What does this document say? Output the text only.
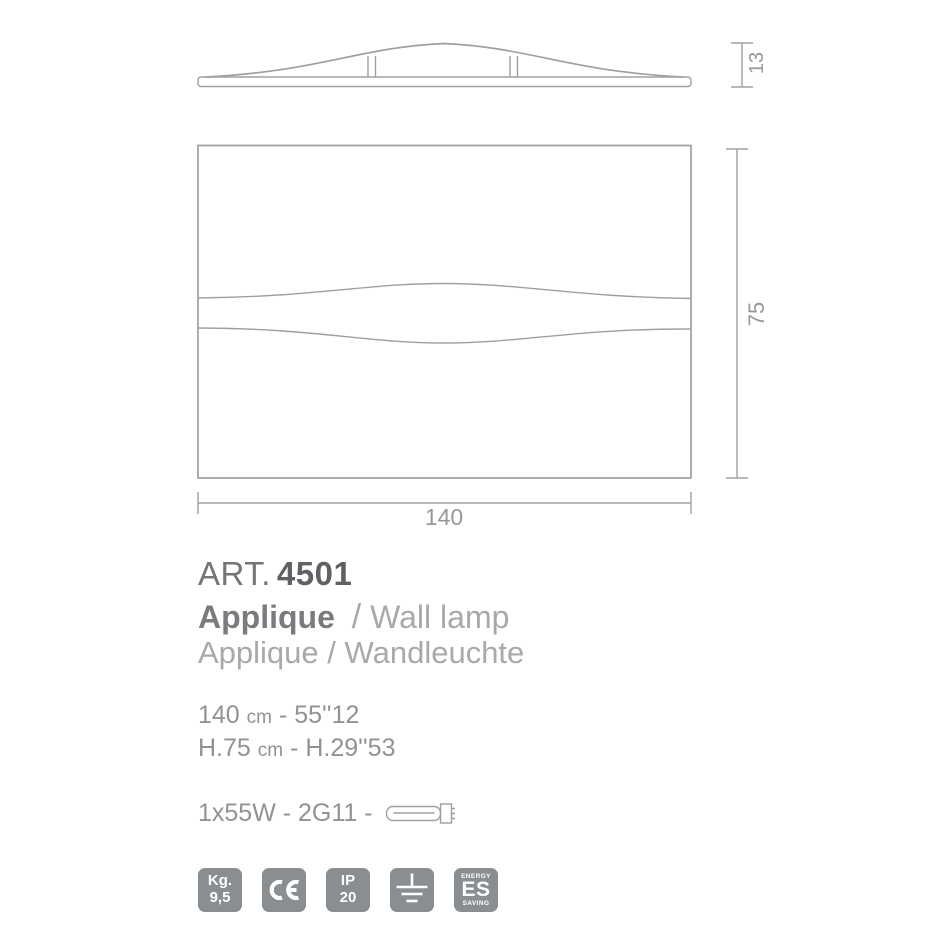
13
75
140
ART. 4501
Applique / Wall lamp
Applique / Wandleuchte
140 cm - 55''12
H.75 cm - H.29''53
1x55W - 2G11 -
Kg.
9,5
IP
20
ENERGY
ES
SAVING
